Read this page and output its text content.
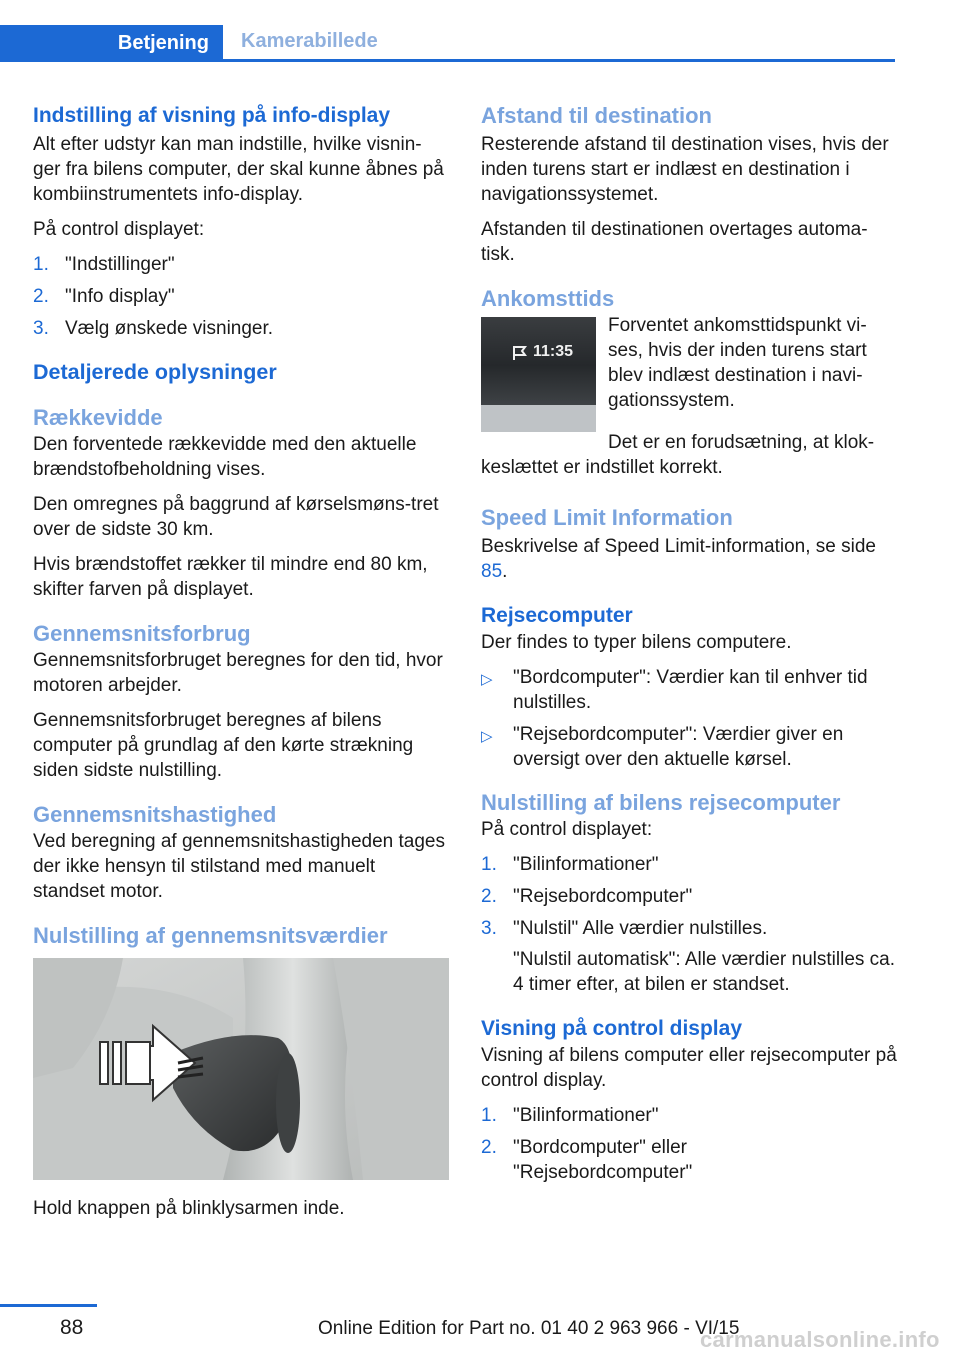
Betjening Kamerabillede
Indstilling af visning på info-display

Alt efter udstyr kan man indstille, hvilke visnin-ger fra bilens computer, der skal kunne åbnes på kombiinstrumentets info-display.

På control displayet:

1. "Indstillinger"
2. "Info display"
3. Vælg ønskede visninger.
Detaljerede oplysninger
Rækkevidde

Den forventede rækkevidde med den aktuelle brændstofbeholdning vises.

Den omregnes på baggrund af kørselsmøns-tret over de sidste 30 km.

Hvis brændstoffet rækker til mindre end 80 km, skifter farven på displayet.

Gennemsnitsforbrug

Gennemsnitsforbruget beregnes for den tid, hvor motoren arbejder.

Gennemsnitsforbruget beregnes af bilens computer på grundlag af den kørte strækning siden sidste nulstilling.

Gennemsnitshastighed

Ved beregning af gennemsnitshastigheden tages der ikke hensyn til stilstand med manuelt standset motor.

Nulstilling af gennemsnitsværdier

Hold knappen på blinklysarmen inde.

Afstand til destination

Resterende afstand til destination vises, hvis der inden turens start er indlæst en destination i navigationssystemet.

Afstanden til destinationen overtages automa-tisk.

Ankomsttids
11:35

Forventet ankomsttidspunkt vi-ses, hvis der inden turens start blev indlæst destination i navi-gationssystem.

Det er en forudsætning, at klok-keslættet er indstillet korrekt.

Speed Limit Information

Beskrivelse af Speed Limit-information, se side 85.

Rejsecomputer

Der findes to typer bilens computere.

▷	"Bordcomputer": Værdier kan til enhver tid nulstilles.
▷	"Rejsebordcomputer": Værdier giver en oversigt over den aktuelle kørsel.
Nulstilling af bilens rejsecomputer

På control displayet:

1. "Bilinformationer"
2. "Rejsebordcomputer"
3. "Nulstil" Alle værdier nulstilles.

"Nulstil automatisk": Alle værdier nulstilles ca. 4 timer efter, at bilen er standset.

Visning på control display

Visning af bilens computer eller rejsecomputer på control display.

1. "Bilinformationer"
2. "Bordcomputer" eller "Rejsebordcomputer"
88	Online Edition for Part no. 01 40 2 963 966 - VI/15
carmanualsonline.info
